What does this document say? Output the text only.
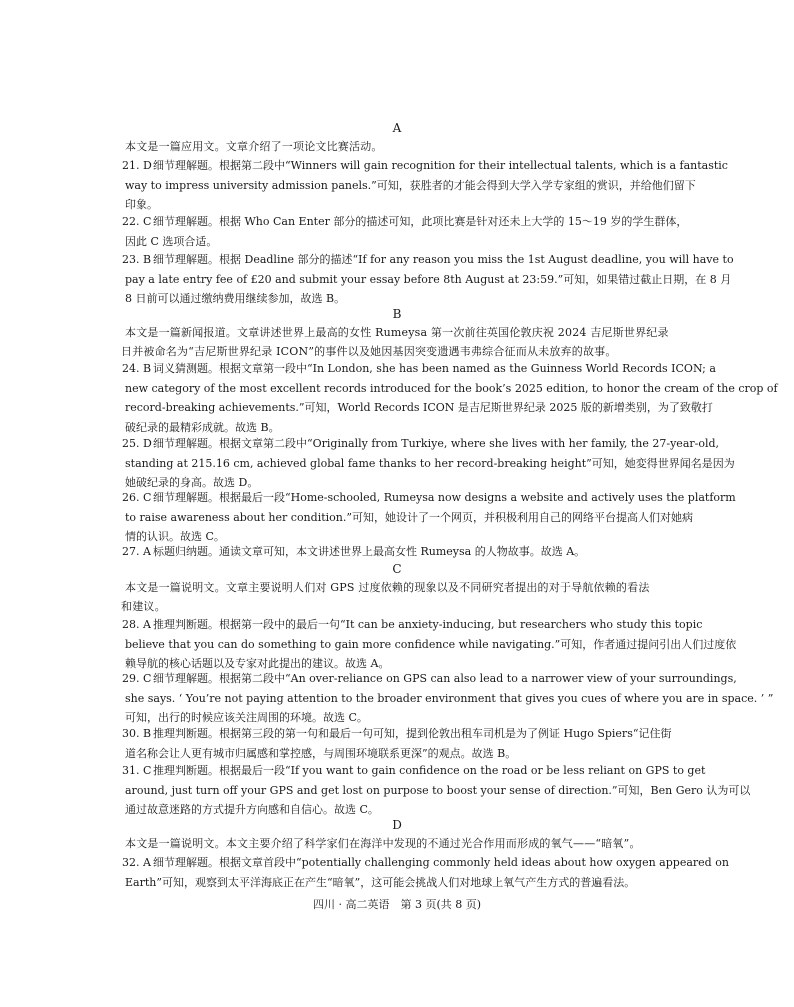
A
本文是一篇应用文。文章介绍了一项论文比赛活动。
21. D 细节理解题。根据第二段中“Winners will gain recognition for their intellectual talents, which is a fantastic
way to impress university admission panels.”可知，获胜者的才能会得到大学入学专家组的赏识，并给他们留下
印象。
22. C 细节理解题。根据 Who Can Enter 部分的描述可知，此项比赛是针对还未上大学的 15～19 岁的学生群体，
因此 C 选项合适。
23. B 细节理解题。根据 Deadline 部分的描述“If for any reason you miss the 1st August deadline, you will have to
pay a late entry fee of £20 and submit your essay before 8th August at 23:59.”可知，如果错过截止日期，在 8 月
8 日前可以通过缴纳费用继续参加，故选 B。
B
本文是一篇新闻报道。文章讲述世界上最高的女性 Rumeysa 第一次前往英国伦敦庆祝 2024 吉尼斯世界纪录
日并被命名为“吉尼斯世界纪录 ICON”的事件以及她因基因突变遗遇韦弗综合征而从未放弃的故事。
24. B 词义猜测题。根据文章第一段中“In London, she has been named as the Guinness World Records ICON; a
new category of the most excellent records introduced for the book’s 2025 edition, to honor the cream of the crop of
record-breaking achievements.”可知，World Records ICON 是吉尼斯世界纪录 2025 版的新增类别，为了致敬打
破纪录的最精彩成就。故选 B。
25. D 细节理解题。根据文章第二段中“Originally from Turkiye, where she lives with her family, the 27-year-old,
standing at 215.16 cm, achieved global fame thanks to her record-breaking height”可知，她変得世界闻名是因为
她破纪录的身高。故选 D。
26. C 细节理解题。根据最后一段“Home-schooled, Rumeysa now designs a website and actively uses the platform
to raise awareness about her condition.”可知，她设计了一个网页，并积极利用自己的网络平台提高人们对她病
情的认识。故选 C。
27. A 标题归纳题。通读文章可知，本文讲述世界上最高女性 Rumeysa 的人物故事。故选 A。
C
本文是一篇说明文。文章主要说明人们对 GPS 过度依赖的现象以及不同研究者提出的对于导航依赖的看法
和建议。
28. A 推理判断题。根据第一段中的最后一句“It can be anxiety-inducing, but researchers who study this topic
believe that you can do something to gain more confidence while navigating.”可知，作者通过提问引出人们过度依
赖导航的核心话题以及专家对此提出的建议。故选 A。
29. C 细节理解题。根据第二段中“An over-reliance on GPS can also lead to a narrower view of your surroundings,
she says. ‘ You’re not paying attention to the broader environment that gives you cues of where you are in space. ’ ”
可知，出行的时候应该关注周围的环境。故选 C。
30. B 推理判断题。根据第三段的第一句和最后一句可知，提到伦敦出租车司机是为了例证 Hugo Spiers“记住街
道名称会让人更有城市归属感和掌控感，与周围环境联系更深”的观点。故选 B。
31. C 推理判断题。根据最后一段“If you want to gain confidence on the road or be less reliant on GPS to get
around, just turn off your GPS and get lost on purpose to boost your sense of direction.”可知，Ben Gero 认为可以
通过故意迷路的方式提升方向感和自信心。故选 C。
D
本文是一篇说明文。本文主要介绍了科学家们在海洋中发现的不通过光合作用而形成的氧气——“暗氧”。
32. A 细节理解题。根据文章首段中“potentially challenging commonly held ideas about how oxygen appeared on
Earth”可知，观察到太平洋海底正在产生“暗氧”，这可能会挑战人们对地球上氧气产生方式的普遍看法。
四川 · 高二英语　第 3 页(共 8 页)
